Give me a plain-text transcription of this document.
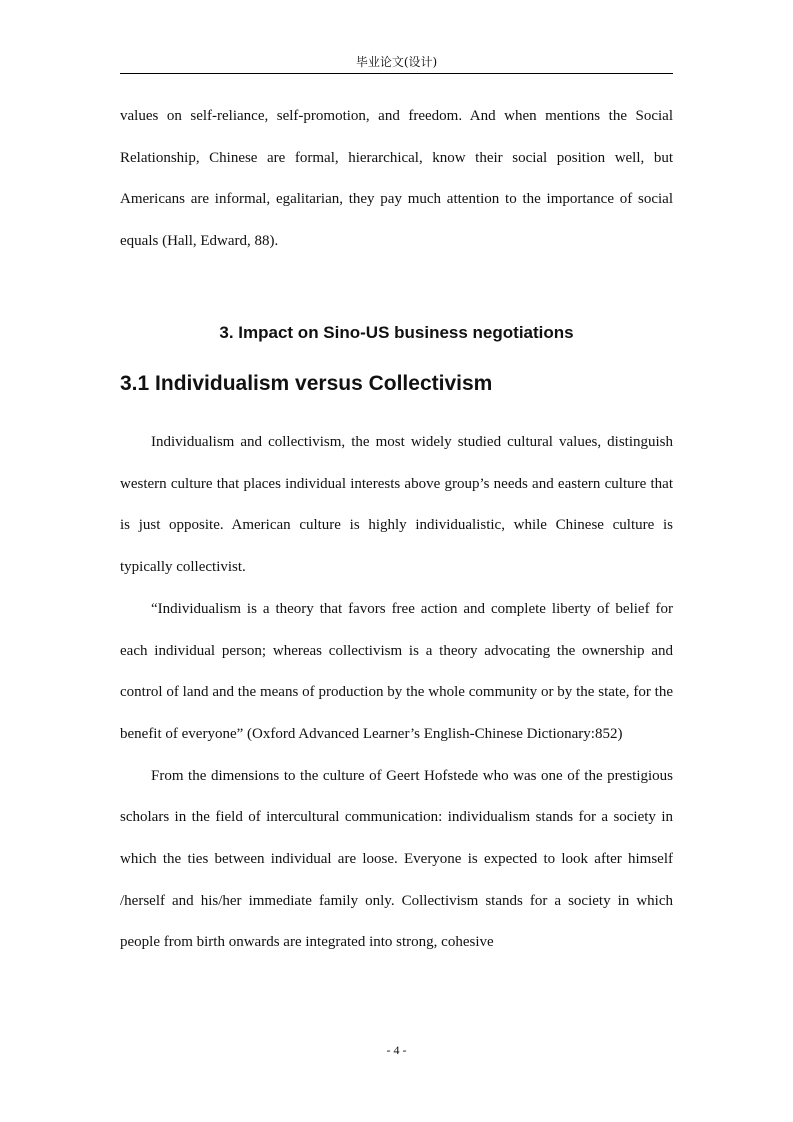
毕业论文(设计)

values on self-reliance, self-promotion, and freedom. And when mentions the Social Relationship, Chinese are formal, hierarchical, know their social position well, but Americans are informal, egalitarian, they pay much attention to the importance of social equals (Hall, Edward, 88).

3. Impact on Sino-US business negotiations
3.1 Individualism versus Collectivism

Individualism and collectivism, the most widely studied cultural values, distinguish western culture that places individual interests above group’s needs and eastern culture that is just opposite. American culture is highly individualistic, while Chinese culture is typically collectivist.

“Individualism is a theory that favors free action and complete liberty of belief for each individual person; whereas collectivism is a theory advocating the ownership and control of land and the means of production by the whole community or by the state, for the benefit of everyone” (Oxford Advanced Learner’s English-Chinese Dictionary:852)

From the dimensions to the culture of Geert Hofstede who was one of the prestigious scholars in the field of intercultural communication: individualism stands for a society in which the ties between individual are loose. Everyone is expected to look after himself /herself and his/her immediate family only. Collectivism stands for a society in which people from birth onwards are integrated into strong, cohesive

- 4 -
